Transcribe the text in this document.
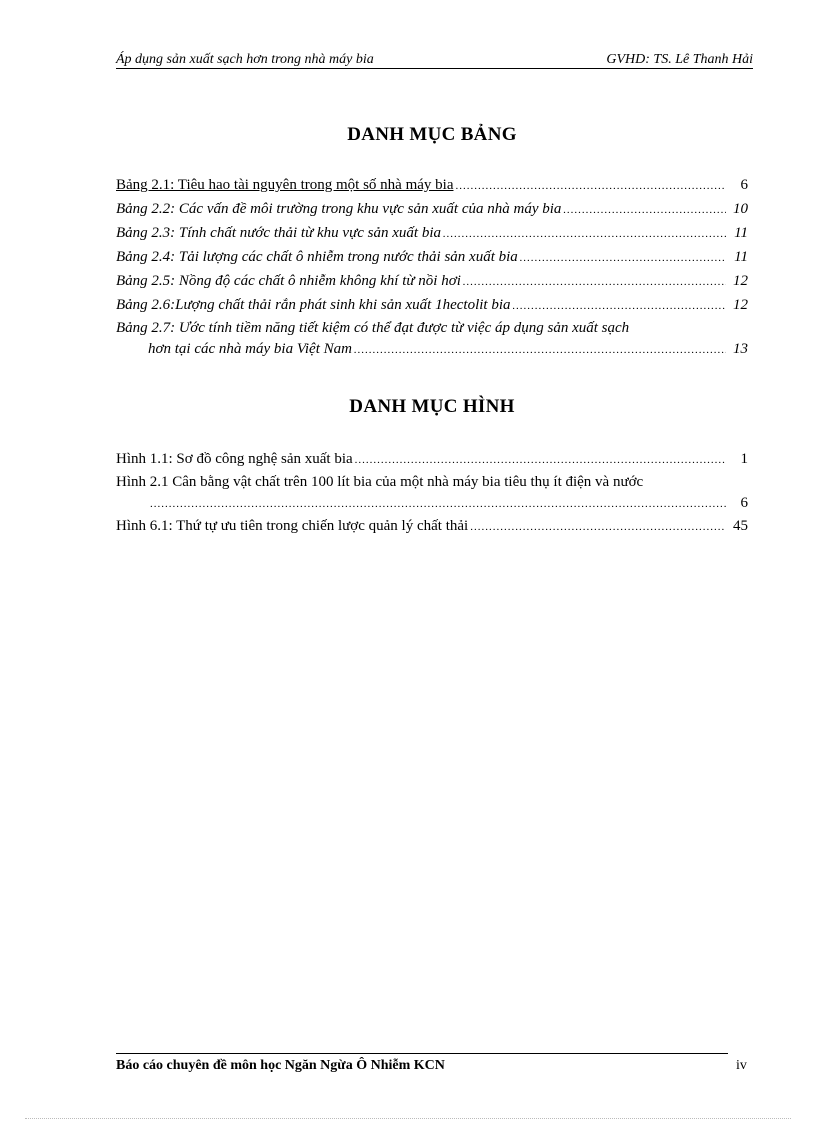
Áp dụng sản xuất sạch hơn trong nhà máy bia	GVHD: TS. Lê Thanh Hải
DANH MỤC BẢNG
Bảng 2.1: Tiêu hao tài nguyên trong một số nhà máy bia .....	6
Bảng 2.2: Các vấn đề môi trường trong khu vực sản xuất của nhà máy bia .....	10
Bảng 2.3: Tính chất nước thải từ khu vực sản xuất bia .....	11
Bảng 2.4: Tải lượng các chất ô nhiễm trong nước thải sản xuất bia .....	11
Bảng 2.5: Nồng độ các chất ô nhiễm không khí từ nồi hơi .....	12
Bảng 2.6:Lượng chất thải rắn phát sinh khi sản xuất 1hectolit bia .....	12
Bảng 2.7: Ước tính tiềm năng tiết kiệm có thể đạt được từ việc áp dụng sản xuất sạch
hơn tại các nhà máy bia Việt Nam .....	13
DANH MỤC HÌNH
Hình 1.1: Sơ đồ công nghệ sản xuất bia .....	1
Hình 2.1 Cân bằng vật chất trên 100 lít bia của một nhà máy bia tiêu thụ ít điện và nước
.....
6
Hình 6.1: Thứ tự ưu tiên trong chiến lược quản lý chất thải .....	45
Báo cáo chuyên đề môn học Ngăn Ngừa Ô Nhiễm KCN	iv
